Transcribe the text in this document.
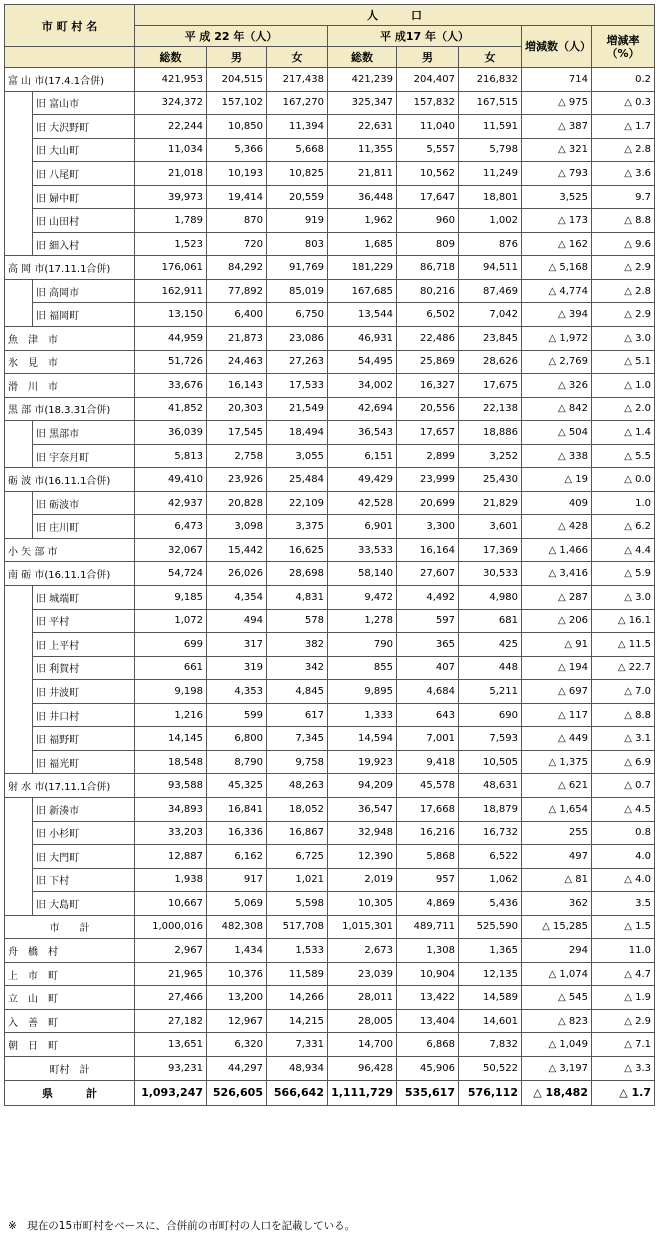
市 町 村 名		人　　　口							
		平 成 22 年（人）			平 成17 年（人）			増減数（人）	増減率（%）
		総数	男	女	総数	男	女		
富 山 市(17.4.1合併)		421,953	204,515	217,438	421,239	204,407	216,832	714	0.2
	旧 富山市	324,372	157,102	167,270	325,347	157,832	167,515	△ 975	△ 0.3
	旧 大沢野町	22,244	10,850	11,394	22,631	11,040	11,591	△ 387	△ 1.7
	旧 大山町	11,034	5,366	5,668	11,355	5,557	5,798	△ 321	△ 2.8
	旧 八尾町	21,018	10,193	10,825	21,811	10,562	11,249	△ 793	△ 3.6
	旧 婦中町	39,973	19,414	20,559	36,448	17,647	18,801	3,525	9.7
	旧 山田村	1,789	870	919	1,962	960	1,002	△ 173	△ 8.8
	旧 細入村	1,523	720	803	1,685	809	876	△ 162	△ 9.6
高 岡 市(17.11.1合併)		176,061	84,292	91,769	181,229	86,718	94,511	△ 5,168	△ 2.9
	旧 高岡市	162,911	77,892	85,019	167,685	80,216	87,469	△ 4,774	△ 2.8
	旧 福岡町	13,150	6,400	6,750	13,544	6,502	7,042	△ 394	△ 2.9
魚　津　市		44,959	21,873	23,086	46,931	22,486	23,845	△ 1,972	△ 3.0
氷　見　市		51,726	24,463	27,263	54,495	25,869	28,626	△ 2,769	△ 5.1
滑　川　市		33,676	16,143	17,533	34,002	16,327	17,675	△ 326	△ 1.0
黒 部 市(18.3.31合併)		41,852	20,303	21,549	42,694	20,556	22,138	△ 842	△ 2.0
	旧 黒部市	36,039	17,545	18,494	36,543	17,657	18,886	△ 504	△ 1.4
	旧 宇奈月町	5,813	2,758	3,055	6,151	2,899	3,252	△ 338	△ 5.5
砺 波 市(16.11.1合併)		49,410	23,926	25,484	49,429	23,999	25,430	△ 19	△ 0.0
	旧 砺波市	42,937	20,828	22,109	42,528	20,699	21,829	409	1.0
	旧 庄川町	6,473	3,098	3,375	6,901	3,300	3,601	△ 428	△ 6.2
小 矢 部 市		32,067	15,442	16,625	33,533	16,164	17,369	△ 1,466	△ 4.4
南 砺 市(16.11.1合併)		54,724	26,026	28,698	58,140	27,607	30,533	△ 3,416	△ 5.9
	旧 城端町	9,185	4,354	4,831	9,472	4,492	4,980	△ 287	△ 3.0
	旧 平村	1,072	494	578	1,278	597	681	△ 206	△ 16.1
	旧 上平村	699	317	382	790	365	425	△ 91	△ 11.5
	旧 利賀村	661	319	342	855	407	448	△ 194	△ 22.7
	旧 井波町	9,198	4,353	4,845	9,895	4,684	5,211	△ 697	△ 7.0
	旧 井口村	1,216	599	617	1,333	643	690	△ 117	△ 8.8
	旧 福野町	14,145	6,800	7,345	14,594	7,001	7,593	△ 449	△ 3.1
	旧 福光町	18,548	8,790	9,758	19,923	9,418	10,505	△ 1,375	△ 6.9
射 水 市(17.11.1合併)		93,588	45,325	48,263	94,209	45,578	48,631	△ 621	△ 0.7
	旧 新湊市	34,893	16,841	18,052	36,547	17,668	18,879	△ 1,654	△ 4.5
	旧 小杉町	33,203	16,336	16,867	32,948	16,216	16,732	255	0.8
	旧 大門町	12,887	6,162	6,725	12,390	5,868	6,522	497	4.0
	旧 下村	1,938	917	1,021	2,019	957	1,062	△ 81	△ 4.0
	旧 大島町	10,667	5,069	5,598	10,305	4,869	5,436	362	3.5
市　　計		1,000,016	482,308	517,708	1,015,301	489,711	525,590	△ 15,285	△ 1.5
舟　橋　村		2,967	1,434	1,533	2,673	1,308	1,365	294	11.0
上　市　町		21,965	10,376	11,589	23,039	10,904	12,135	△ 1,074	△ 4.7
立　山　町		27,466	13,200	14,266	28,011	13,422	14,589	△ 545	△ 1.9
入　善　町		27,182	12,967	14,215	28,005	13,404	14,601	△ 823	△ 2.9
朝　日　町		13,651	6,320	7,331	14,700	6,868	7,832	△ 1,049	△ 7.1
町村　計		93,231	44,297	48,934	96,428	45,906	50,522	△ 3,197	△ 3.3
県　　　計		1,093,247	526,605	566,642	1,111,729	535,617	576,112	△ 18,482	△ 1.7
※　現在の15市町村をベースに、合併前の市町村の人口を記載している。
